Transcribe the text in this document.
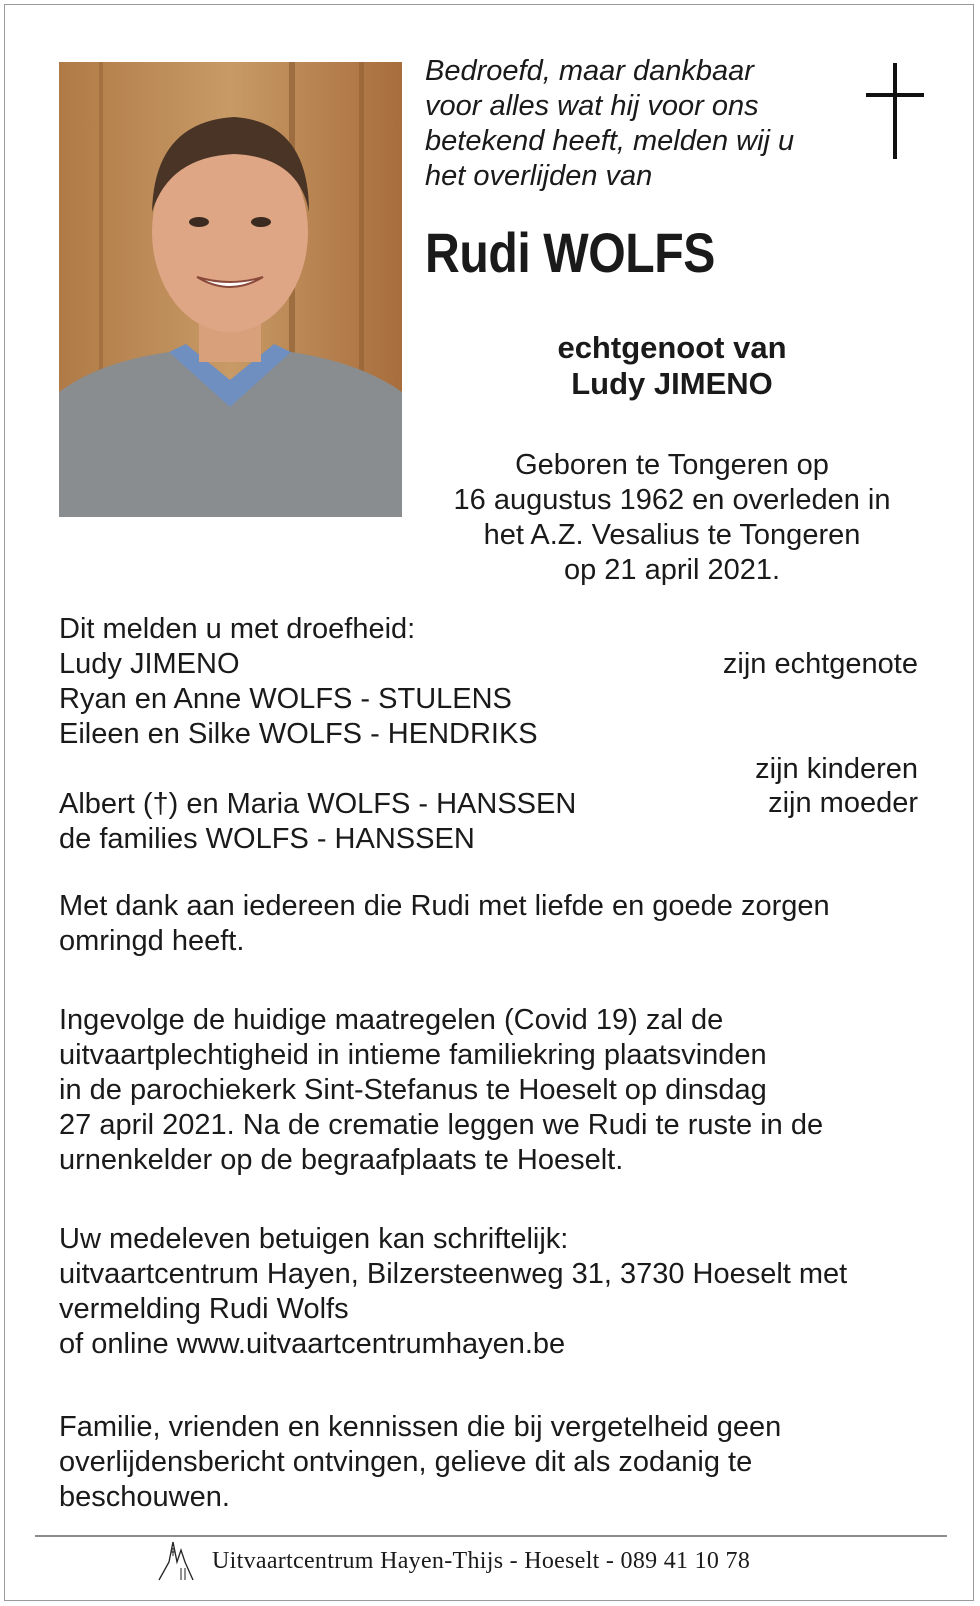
Bedroefd, maar dankbaar
voor alles wat hij voor ons
betekend heeft, melden wij u
het overlijden van
Rudi WOLFS
echtgenoot van
Ludy JIMENO
Geboren te Tongeren op
16 augustus 1962 en overleden in
het A.Z. Vesalius te Tongeren
op 21 april 2021.
Dit melden u met droefheid:
Ludy JIMENO
Ryan en Anne WOLFS - STULENS
Eileen en Silke WOLFS - HENDRIKS
Albert (†) en Maria WOLFS - HANSSEN
de families WOLFS - HANSSEN
zijn echtgenote
zijn kinderen
zijn moeder
Met dank aan iedereen die Rudi met liefde en goede zorgen
omringd heeft.
Ingevolge de huidige maatregelen (Covid 19) zal de
uitvaartplechtigheid in intieme familiekring plaatsvinden
in de parochiekerk Sint-Stefanus te Hoeselt op dinsdag
27 april 2021. Na de crematie leggen we Rudi te ruste in de
urnenkelder op de begraafplaats te Hoeselt.
Uw medeleven betuigen kan schriftelijk:
uitvaartcentrum Hayen, Bilzersteenweg 31, 3730 Hoeselt met
vermelding Rudi Wolfs
of online www.uitvaartcentrumhayen.be
Familie, vrienden en kennissen die bij vergetelheid geen
overlijdensbericht ontvingen, gelieve dit als zodanig te
beschouwen.
Uitvaartcentrum Hayen-Thijs - Hoeselt - 089 41 10 78
